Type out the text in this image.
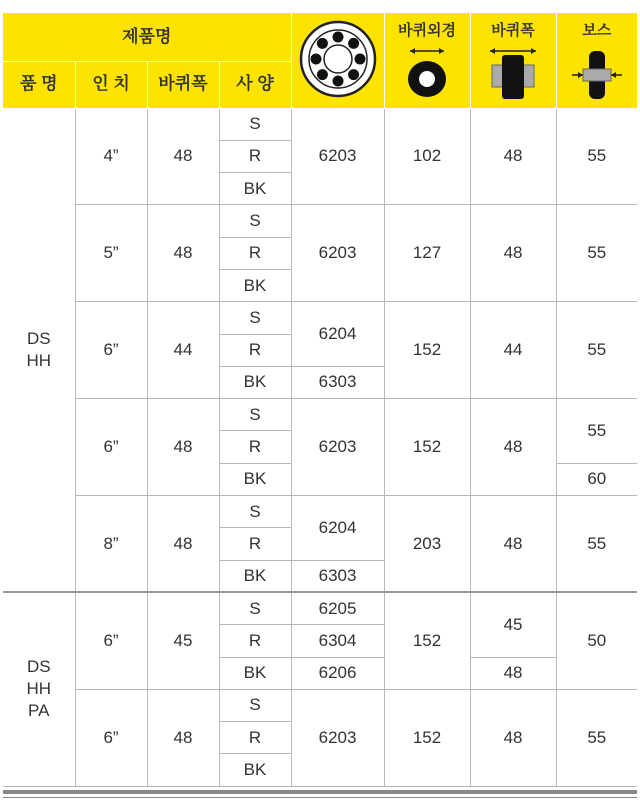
제품명					바퀴외경	바퀴폭	보스

품 명	인 치	바퀴폭	사 양				
DS
HH	4”	48	S	6203	102	48	55
			R				
			BK				
	5”	48	S	6203	127	48	55
			R				
			BK				
	6”	44	S	6204	152	44	55
			R				
			BK	6303			
	6”	48	S	6203	152	48	55
			R				
			BK				60
	8”	48	S	6204	203	48	55
			R				
			BK	6303			
DS
HH
PA	6”	45	S	6205	152	45	50
			R	6304			
			BK	6206		48	
	6”	48	S	6203	152	48	55
			R				
			BK				
